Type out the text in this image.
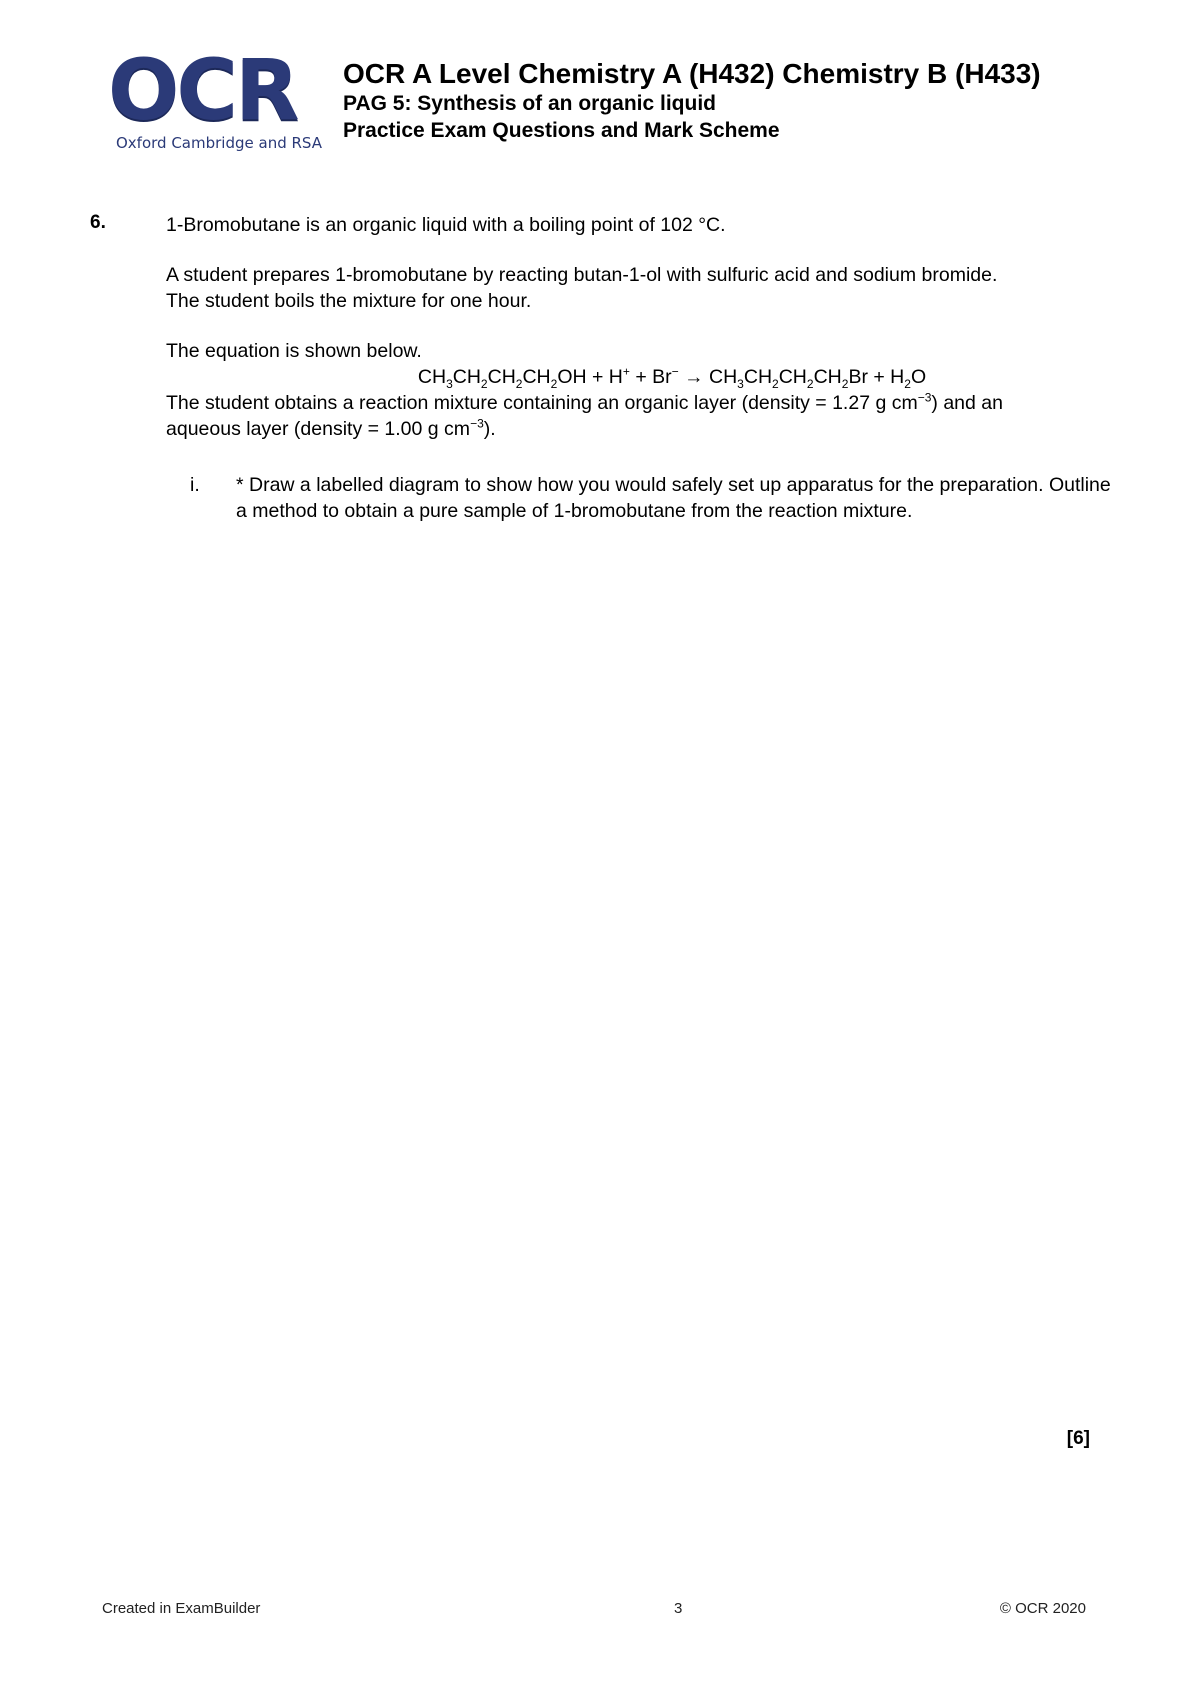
OCR
Oxford Cambridge and RSA
OCR A Level Chemistry A (H432) Chemistry B (H433)
PAG 5: Synthesis of an organic liquid
Practice Exam Questions and Mark Scheme
6.	1-Bromobutane is an organic liquid with a boiling point of 102 °C.

A student prepares 1-bromobutane by reacting butan-1-ol with sulfuric acid and sodium bromide.

The student boils the mixture for one hour.

The equation is shown below.

$CH_3CH_2CH_2CH_2OH + H^+ + Br^- \to CH_3CH_2CH_2CH_2Br + H_2O$

The student obtains a reaction mixture containing an organic layer (density = 1.27 g $cm^{-3}$) and an

aqueous layer (density = 1.00 g $cm^{-3}$).

i. * Draw a labelled diagram to show how you would safely set up apparatus for the preparation. Outline a method to obtain a pure sample of 1-bromobutane from the reaction mixture.

[6]
Created in ExamBuilder	3	© OCR 2020
